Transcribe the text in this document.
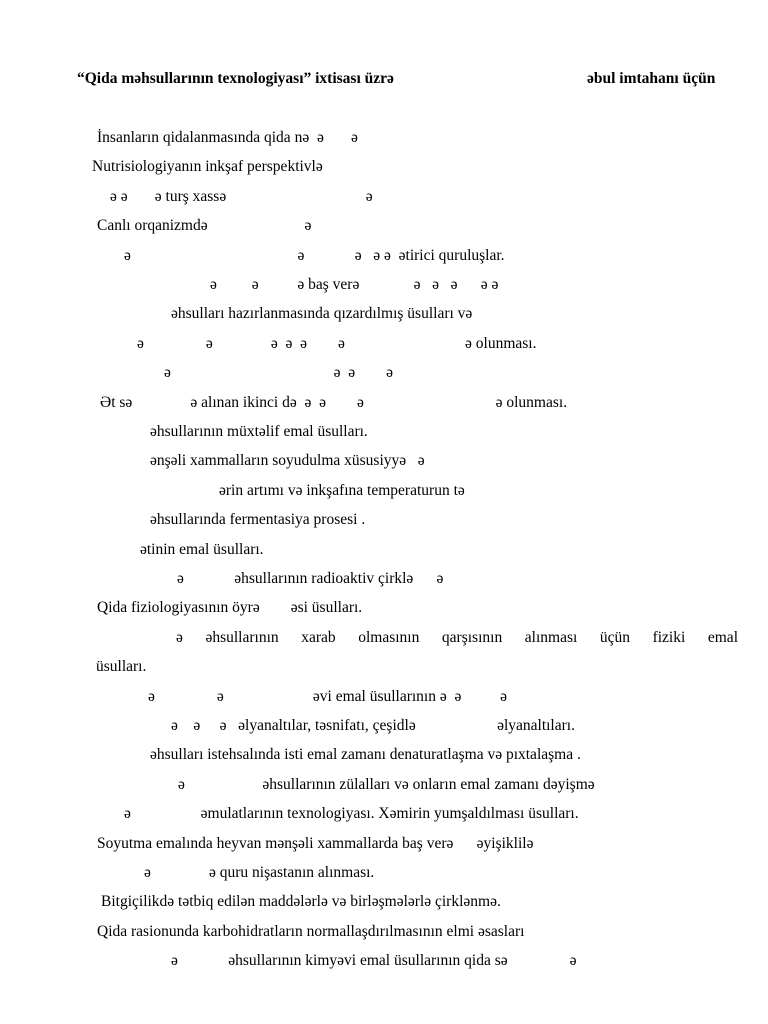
“Qida məhsullarının texnologiyası” ixtisası üzrə	əbul imtahanı üçün
İnsanların qidalanmasında qida nə  ə       ə
Nutrisiologiyanın inkşaf perspektivlə
ə ə       ə turş xassə                                    ə
Canlı orqanizmdə                         ə
ə                                           ə             ə   ə ə  ətirici quruluşlar.
ə         ə          ə baş verə              ə   ə   ə      ə ə
əhsulları hazırlanmasında qızardılmış üsulları və
ə                ə               ə  ə  ə        ə                               ə olunması.
ə                                          ə  ə        ə
Ət sə               ə alınan ikinci də  ə  ə        ə                                  ə olunması.
əhsullarının müxtəlif emal üsulları.
ənşəli xammalların soyudulma xüsusiyyə   ə
ərin artımı və inkşafına temperaturun tə
əhsullarında fermentasiya prosesi .
ətinin emal üsulları.
ə             əhsullarının radioaktiv çirklə      ə
Qida fiziologiyasının öyrə        əsi üsulları.
ə əhsullarının xarab olmasının qarşısının alınması üçün fiziki emal
üsulları.
ə                ə                       əvi emal üsullarının ə  ə          ə
ə    ə     ə   əlyanaltılar, təsnifatı, çeşidlə                     əlyanaltıları.
əhsulları istehsalında isti emal zamanı denaturatlaşma və pıxtalaşma .
ə                    əhsullarının zülalları və onların emal zamanı dəyişmə
ə                  əmulatlarının texnologiyası. Xəmirin yumşaldılması üsulları.
Soyutma emalında heyvan mənşəli xammallarda baş verə      əyişiklilə
ə               ə quru nişastanın alınması.
Bitgiçilikdə tətbiq edilən maddələrlə və birləşmələrlə çirklənmə.
Qida rasionunda karbohidratların normallaşdırılmasının elmi əsasları
ə             əhsullarının kimyəvi emal üsullarının qida sə                ə
